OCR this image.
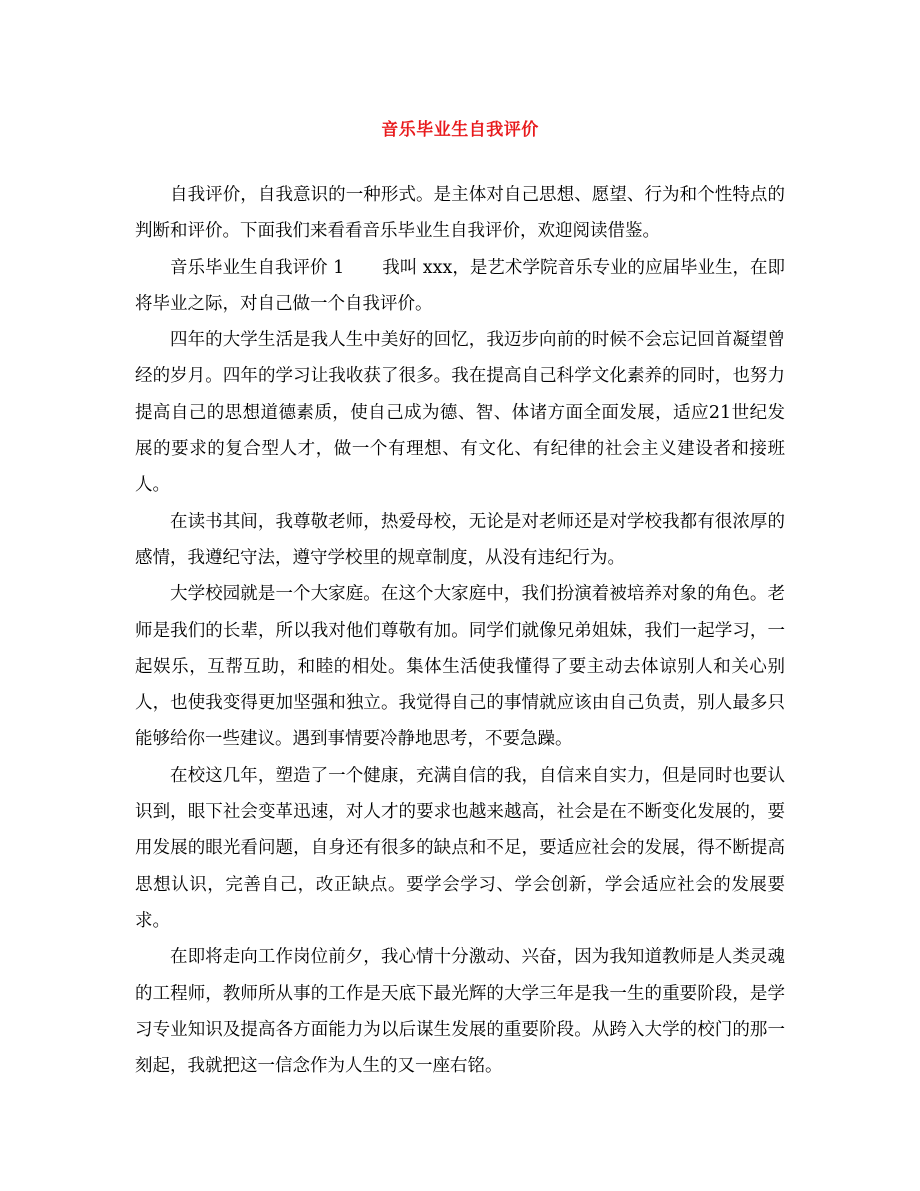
音乐毕业生自我评价

自我评价，自我意识的一种形式。是主体对自己思想、愿望、行为和个性特点的判断和评价。下面我们来看看音乐毕业生自我评价，欢迎阅读借鉴。

音乐毕业生自我评价 1 我叫 xxx，是艺术学院音乐专业的应届毕业生，在即将毕业之际，对自己做一个自我评价。

四年的大学生活是我人生中美好的回忆，我迈步向前的时候不会忘记回首凝望曾经的岁月。四年的学习让我收获了很多。我在提高自己科学文化素养的同时，也努力提高自己的思想道德素质，使自己成为德、智、体诸方面全面发展，适应21世纪发展的要求的复合型人才，做一个有理想、有文化、有纪律的社会主义建设者和接班人。

在读书其间，我尊敬老师，热爱母校，无论是对老师还是对学校我都有很浓厚的感情，我遵纪守法，遵守学校里的规章制度，从没有违纪行为。

大学校园就是一个大家庭。在这个大家庭中，我们扮演着被培养对象的角色。老师是我们的长辈，所以我对他们尊敬有加。同学们就像兄弟姐妹，我们一起学习，一起娱乐，互帮互助，和睦的相处。集体生活使我懂得了要主动去体谅别人和关心别人，也使我变得更加坚强和独立。我觉得自己的事情就应该由自己负责，别人最多只能够给你一些建议。遇到事情要冷静地思考，不要急躁。

在校这几年，塑造了一个健康，充满自信的我，自信来自实力，但是同时也要认识到，眼下社会变革迅速，对人才的要求也越来越高，社会是在不断变化发展的，要用发展的眼光看问题，自身还有很多的缺点和不足，要适应社会的发展，得不断提高思想认识，完善自己，改正缺点。要学会学习、学会创新，学会适应社会的发展要求。

在即将走向工作岗位前夕，我心情十分激动、兴奋，因为我知道教师是人类灵魂的工程师，教师所从事的工作是天底下最光辉的大学三年是我一生的重要阶段，是学习专业知识及提高各方面能力为以后谋生发展的重要阶段。从跨入大学的校门的那一刻起，我就把这一信念作为人生的又一座右铭。
